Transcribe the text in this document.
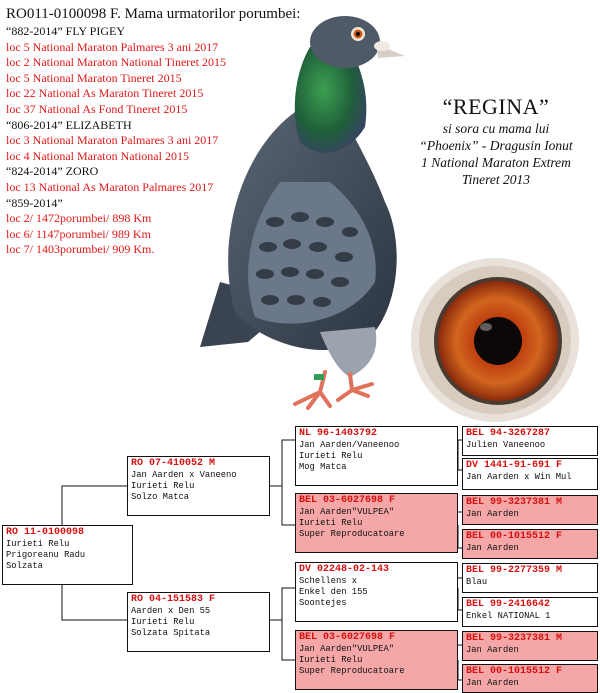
RO011-0100098 F. Mama urmatorilor porumbei:
“882-2014” FLY PIGEY
loc 5 National Maraton Palmares 3 ani 2017
loc 2 National Maraton National Tineret 2015
loc 5 National Maraton Tineret 2015
loc 22 National As Maraton Tineret 2015
loc 37 National As Fond Tineret 2015
“806-2014” ELIZABETH
loc 3 National Maraton Palmares 3 ani 2017
loc 4 National Maraton National 2015
“824-2014” ZORO
loc 13 National As Maraton Palmares 2017
“859-2014”
loc 2/ 1472porumbei/ 898 Km
loc 6/ 1147porumbei/ 989 Km
loc 7/ 1403porumbei/ 909 Km.
“REGINA”
si sora cu mama lui
“Phoenix” - Dragusin Ionut
1 National Maraton Extrem
Tineret 2013
RO 11-0100098
Iurieti Relu
Prigoreanu Radu
Solzata
RO 07-410052 M
Jan Aarden x Vaneeno
Iurieti Relu
Solzo Matca
RO 04-151583 F
Aarden x Den 55
Iurieti Relu
Solzata Spitata
NL 96-1403792
Jan Aarden/Vaneenoo
Iurieti Relu
Mog Matca
BEL 03-6027698 F
Jan Aarden"VULPEA"
Iurieti Relu
Super Reproducatoare
DV 02248-02-143
Schellens x
Enkel den 155
Soontejes
BEL 03-6027698 F
Jan Aarden"VULPEA"
Iurieti Relu
Super Reproducatoare
BEL 94-3267287
Julien Vaneenoo
DV 1441-91-691 F
Jan Aarden x Win Mul
BEL 99-3237381 M
Jan Aarden
BEL 00-1015512 F
Jan Aarden
BEL 99-2277359 M
Blau
BEL 99-2416642
Enkel NATIONAL 1
BEL 99-3237381 M
Jan Aarden
BEL 00-1015512 F
Jan Aarden
